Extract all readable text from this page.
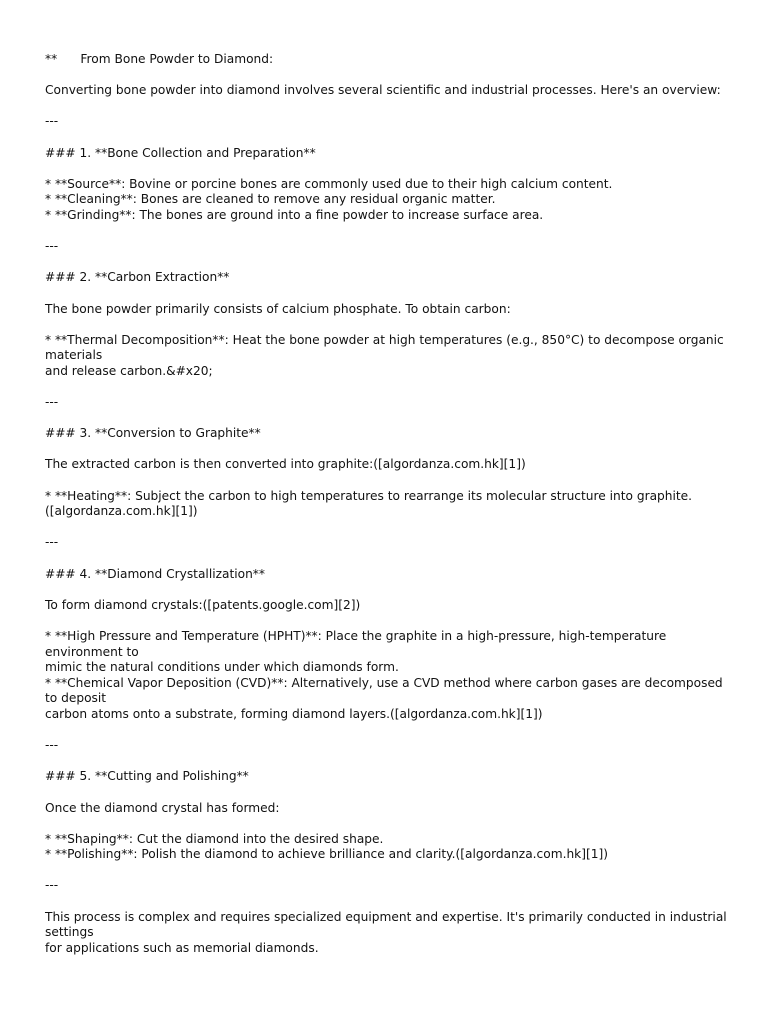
**      From Bone Powder to Diamond:
Converting bone powder into diamond involves several scientific and industrial processes. Here's an overview:
---
### 1. **Bone Collection and Preparation**
* **Source**: Bovine or porcine bones are commonly used due to their high calcium content.
* **Cleaning**: Bones are cleaned to remove any residual organic matter.
* **Grinding**: The bones are ground into a fine powder to increase surface area.
---
### 2. **Carbon Extraction**
The bone powder primarily consists of calcium phosphate. To obtain carbon:
* **Thermal Decomposition**: Heat the bone powder at high temperatures (e.g., 850°C) to decompose organic materials
and release carbon.&#x20;
---
### 3. **Conversion to Graphite**
The extracted carbon is then converted into graphite:([algordanza.com.hk][1])
* **Heating**: Subject the carbon to high temperatures to rearrange its molecular structure into graphite.
([algordanza.com.hk][1])
---
### 4. **Diamond Crystallization**
To form diamond crystals:([patents.google.com][2])
* **High Pressure and Temperature (HPHT)**: Place the graphite in a high-pressure, high-temperature environment to
mimic the natural conditions under which diamonds form.
* **Chemical Vapor Deposition (CVD)**: Alternatively, use a CVD method where carbon gases are decomposed to deposit
carbon atoms onto a substrate, forming diamond layers.([algordanza.com.hk][1])
---
### 5. **Cutting and Polishing**
Once the diamond crystal has formed:
* **Shaping**: Cut the diamond into the desired shape.
* **Polishing**: Polish the diamond to achieve brilliance and clarity.([algordanza.com.hk][1])
---
This process is complex and requires specialized equipment and expertise. It's primarily conducted in industrial settings
for applications such as memorial diamonds.
